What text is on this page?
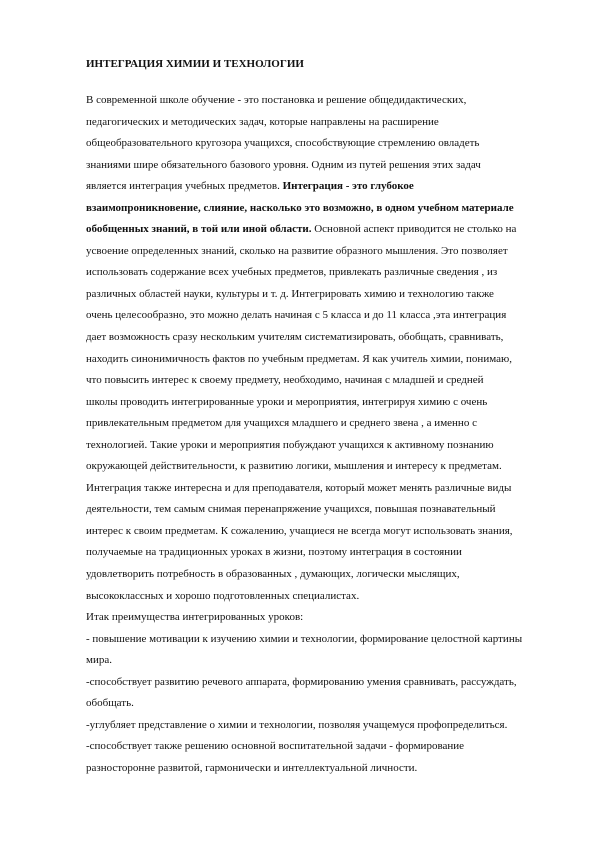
ИНТЕГРАЦИЯ ХИМИИ И ТЕХНОЛОГИИ
В современной школе обучение - это постановка и решение общедидактических,
педагогических и методических задач, которые направлены на расширение
общеобразовательного кругозора учащихся, способствующие стремлению овладеть
знаниями шире обязательного базового уровня. Одним из путей решения этих задач
является интеграция учебных предметов. Интеграция - это глубокое
взаимопроникновение, слияние, насколько это возможно, в одном учебном материале
обобщенных знаний, в той или иной области. Основной аспект приводится не столько на
усвоение определенных знаний, сколько на развитие образного мышления. Это позволяет
использовать содержание всех учебных предметов, привлекать различные сведения , из
различных областей науки, культуры и т. д. Интегрировать химию и технологию также
очень целесообразно, это можно делать начиная с 5 класса и до 11 класса ,эта интеграция
дает возможность сразу нескольким учителям систематизировать, обобщать, сравнивать,
находить синонимичность фактов по учебным предметам. Я как учитель химии, понимаю,
что повысить интерес к своему предмету, необходимо, начиная с младшей и средней
школы проводить интегрированные уроки и мероприятия, интегрируя химию с очень
привлекательным предметом для учащихся младшего и среднего звена , а именно с
технологией. Такие уроки и мероприятия побуждают учащихся к активному познанию
окружающей действительности, к развитию логики, мышления и интересу к предметам.
Интеграция также интересна и для преподавателя, который может менять различные виды
деятельности, тем самым снимая перенапряжение учащихся, повышая познавательный
интерес к своим предметам. К сожалению, учащиеся не всегда могут использовать знания,
получаемые на традиционных уроках в жизни, поэтому интеграция в состоянии
удовлетворить потребность в образованных , думающих, логически мыслящих,
высококлассных и хорошо подготовленных специалистах.
Итак преимущества интегрированных уроков:
- повышение мотивации к изучению химии и технологии, формирование целостной картины
мира.
-способствует развитию речевого аппарата, формированию умения сравнивать, рассуждать,
обобщать.
-углубляет представление о химии и технологии, позволяя учащемуся профопределиться.
-способствует также решению основной воспитательной задачи - формирование
разносторонне развитой, гармонически и интеллектуальной личности.
